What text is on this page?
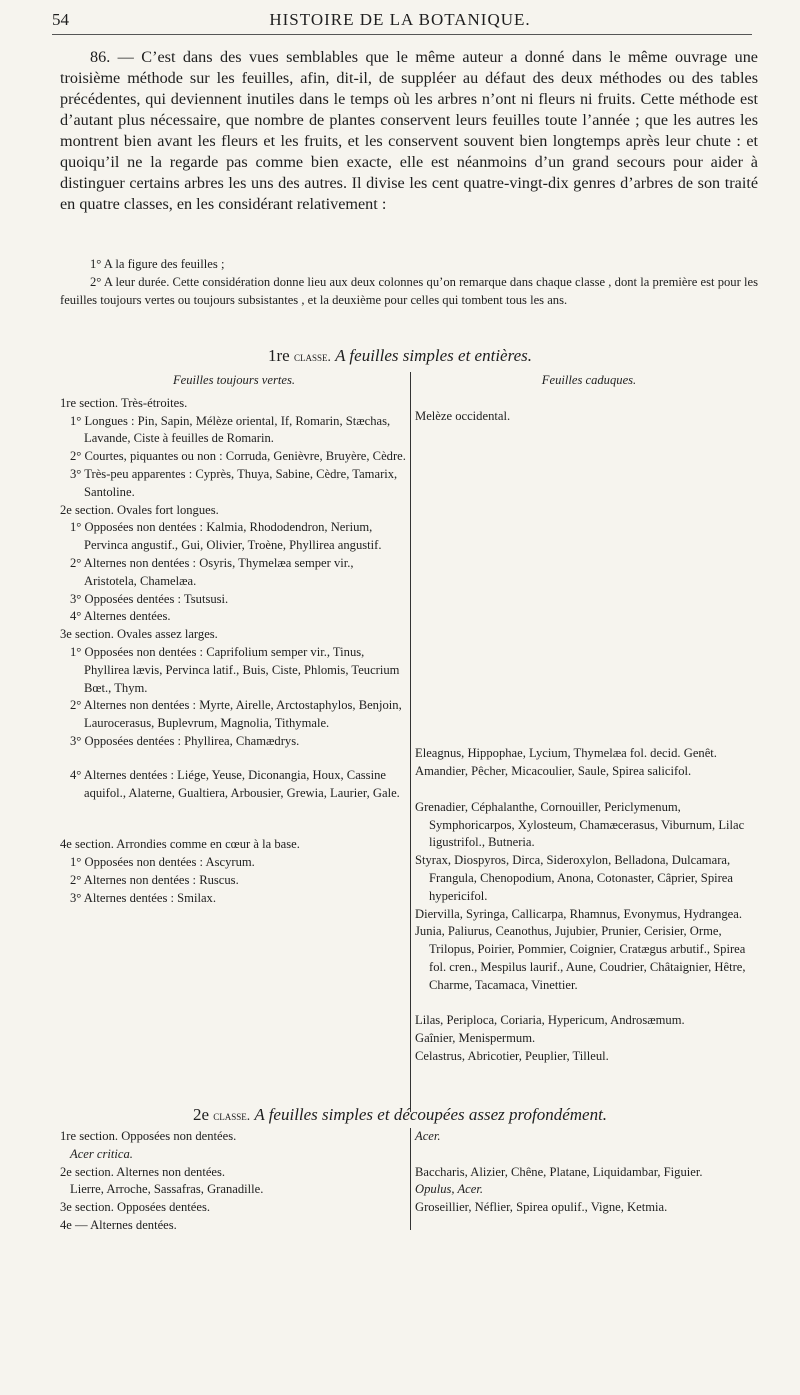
54	HISTOIRE DE LA BOTANIQUE.
86. — C’est dans des vues semblables que le même auteur a donné dans le même ouvrage une troisième méthode sur les feuilles, afin, dit-il, de suppléer au défaut des deux méthodes ou des tables précédentes, qui deviennent inutiles dans le temps où les arbres n’ont ni fleurs ni fruits. Cette méthode est d’autant plus nécessaire, que nombre de plantes conservent leurs feuilles toute l’année ; que les autres les montrent bien avant les fleurs et les fruits, et les conservent souvent bien longtemps après leur chute : et quoiqu’il ne la regarde pas comme bien exacte, elle est néanmoins d’un grand secours pour aider à distinguer certains arbres les uns des autres. Il divise les cent quatre-vingt-dix genres d’arbres de son traité en quatre classes, en les considérant relativement :
1° A la figure des feuilles ;
2° A leur durée. Cette considération donne lieu aux deux colonnes qu’on remarque dans chaque classe , dont la première est pour les feuilles toujours vertes ou toujours subsistantes , et la deuxième pour celles qui tombent tous les ans.
1re classe. A feuilles simples et entières.
Feuilles toujours vertes.
1re section. Très-étroites.
1° Longues : Pin, Sapin, Mélèze oriental, If, Romarin, Stæchas, Lavande, Ciste à feuilles de Romarin.
2° Courtes, piquantes ou non : Corruda, Genièvre, Bruyère, Cèdre.
3° Très-peu apparentes : Cyprès, Thuya, Sabine, Cèdre, Tamarix, Santoline.
2e section. Ovales fort longues.
1° Opposées non dentées : Kalmia, Rhododendron, Nerium, Pervinca angustif., Gui, Olivier, Troène, Phyllirea angustif.
2° Alternes non dentées : Osyris, Thymelæa semper vir., Aristotela, Chamelæa.
3° Opposées dentées : Tsutsusi.
4° Alternes dentées.
3e section. Ovales assez larges.
1° Opposées non dentées : Caprifolium semper vir., Tinus, Phyllirea lævis, Pervinca latif., Buis, Ciste, Phlomis, Teucrium Bœt., Thym.
2° Alternes non dentées : Myrte, Airelle, Arctostaphylos, Benjoin, Laurocerasus, Buplevrum, Magnolia, Tithymale.
3° Opposées dentées : Phyllirea, Chamædrys.
4° Alternes dentées : Liége, Yeuse, Diconangia, Houx, Cassine aquifol., Alaterne, Gualtiera, Arbousier, Grewia, Laurier, Gale.
4e section. Arrondies comme en cœur à la base.
1° Opposées non dentées : Ascyrum.
2° Alternes non dentées : Ruscus.
3° Alternes dentées : Smilax.
Feuilles caduques.
Melèze occidental.
Eleagnus, Hippophae, Lycium, Thymelæa fol. decid. Genêt.
Amandier, Pêcher, Micacoulier, Saule, Spirea salicifol.
Grenadier, Céphalanthe, Cornouiller, Periclymenum, Symphoricarpos, Xylosteum, Chamæcerasus, Viburnum, Lilac ligustrifol., Butneria.
Styrax, Diospyros, Dirca, Sideroxylon, Belladona, Dulcamara, Frangula, Chenopodium, Anona, Cotonaster, Câprier, Spirea hypericifol.
Diervilla, Syringa, Callicarpa, Rhamnus, Evonymus, Hydrangea.
Junia, Paliurus, Ceanothus, Jujubier, Prunier, Cerisier, Orme, Trilopus, Poirier, Pommier, Coignier, Cratægus arbutif., Spirea fol. cren., Mespilus laurif., Aune, Coudrier, Châtaignier, Hêtre, Charme, Tacamaca, Vinettier.
Lilas, Periploca, Coriaria, Hypericum, Androsæmum.
Gaînier, Menispermum.
Celastrus, Abricotier, Peuplier, Tilleul.
2e classe. A feuilles simples et découpées assez profondément.
1re section. Opposées non dentées.
Acer critica.
2e section. Alternes non dentées.
Lierre, Arroche, Sassafras, Granadille.
3e section. Opposées dentées.
4e — Alternes dentées.
Acer.
Baccharis, Alizier, Chêne, Platane, Liquidambar, Figuier.
Opulus, Acer.
Groseillier, Néflier, Spirea opulif., Vigne, Ketmia.
